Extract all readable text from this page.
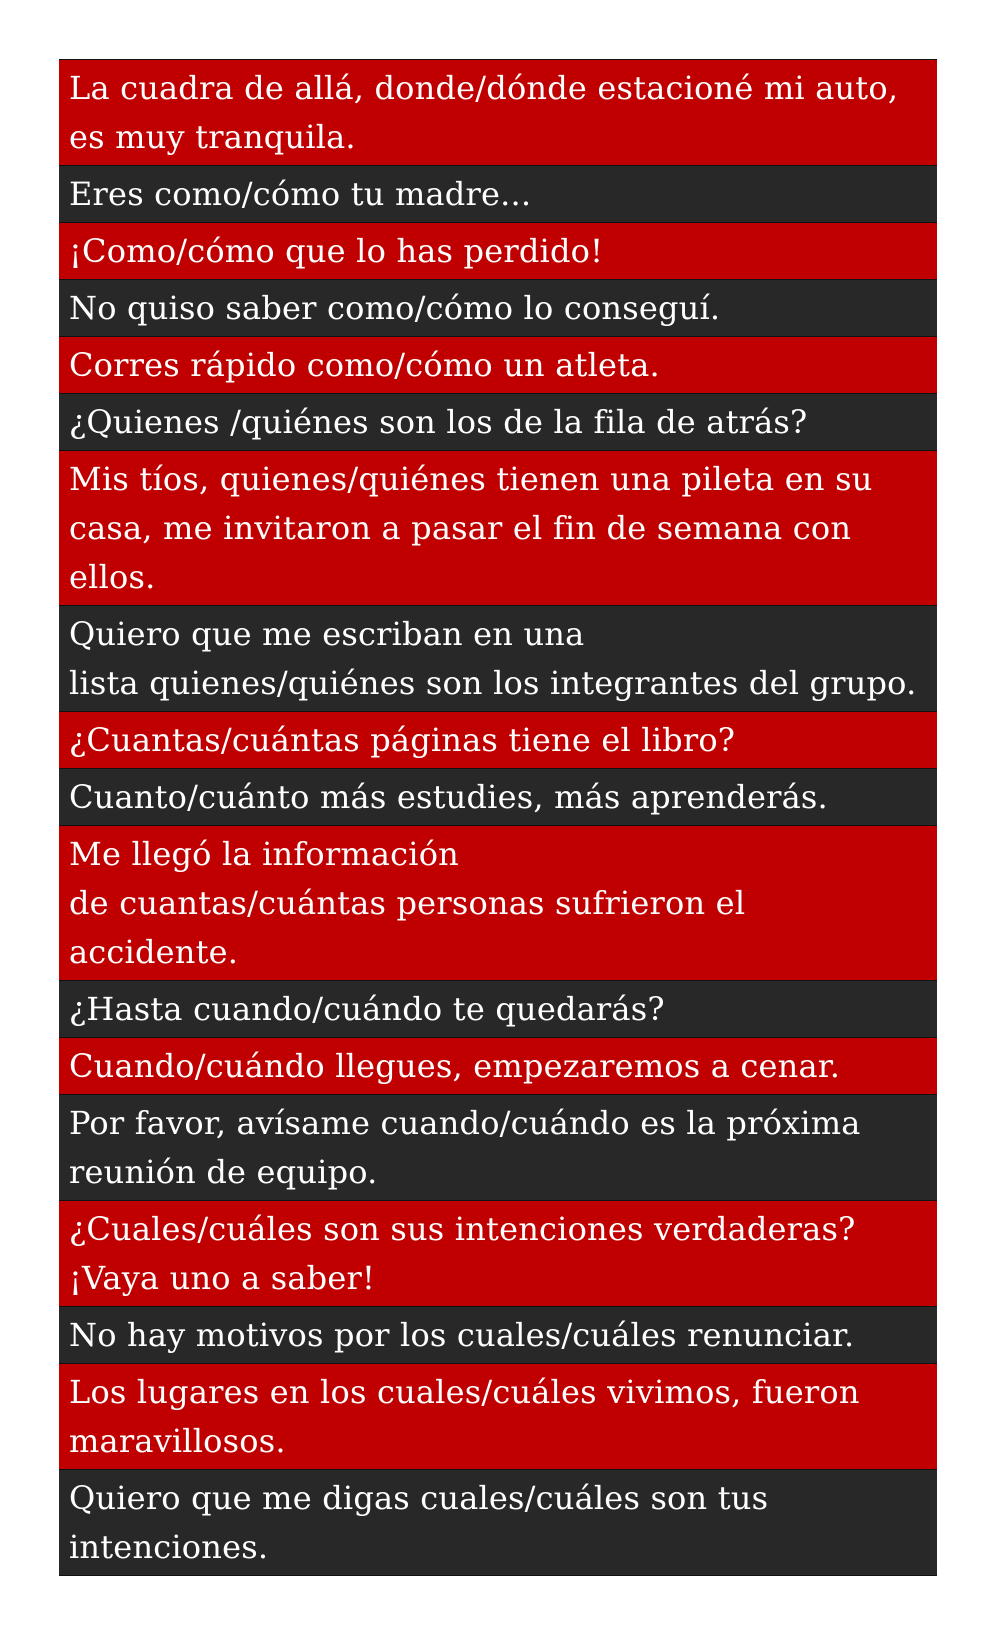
La cuadra de allá, donde/dónde estacioné mi auto,
es muy tranquila.
Eres como/cómo tu madre...
¡Como/cómo que lo has perdido!
No quiso saber como/cómo lo conseguí.
Corres rápido como/cómo un atleta.
¿Quienes /quiénes son los de la fila de atrás?
Mis tíos, quienes/quiénes tienen una pileta en su
casa, me invitaron a pasar el fin de semana con
ellos.
Quiero que me escriban en una
lista quienes/quiénes son los integrantes del grupo.
¿Cuantas/cuántas páginas tiene el libro?
Cuanto/cuánto más estudies, más aprenderás.
Me llegó la información
de cuantas/cuántas personas sufrieron el
accidente.
¿Hasta cuando/cuándo te quedarás?
Cuando/cuándo llegues, empezaremos a cenar.
Por favor, avísame cuando/cuándo es la próxima
reunión de equipo.
¿Cuales/cuáles son sus intenciones verdaderas?
¡Vaya uno a saber!
No hay motivos por los cuales/cuáles renunciar.
Los lugares en los cuales/cuáles vivimos, fueron
maravillosos.
Quiero que me digas cuales/cuáles son tus
intenciones.
